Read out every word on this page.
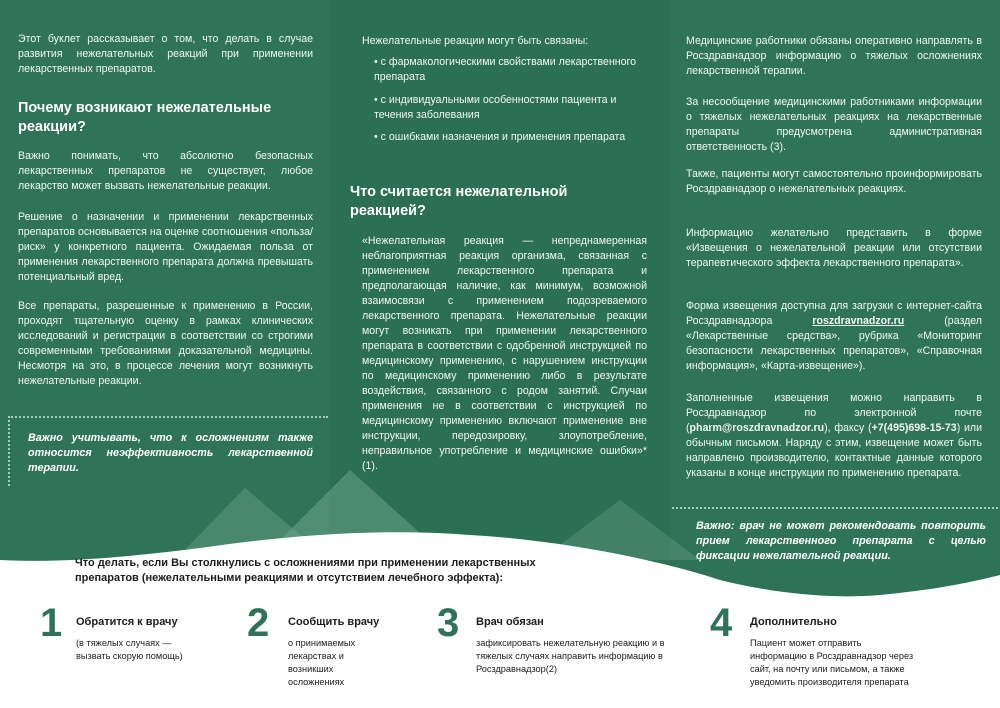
Этот буклет рассказывает о том, что делать в случае развития нежелательных реакций при применении лекарственных препаратов.
Почему возникают нежелательные реакции?
Важно понимать, что абсолютно безопасных лекарственных препаратов не существует, любое лекарство может вызвать нежелательные реакции.
Решение о назначении и применении лекарственных препаратов основывается на оценке соотношения «польза/риск» у конкретного пациента. Ожидаемая польза от применения лекарственного препарата должна превышать потенциальный вред.
Все препараты, разрешенные к применению в России, проходят тщательную оценку в рамках клинических исследований и регистрации в соответствии со строгими современными требованиями доказательной медицины. Несмотря на это, в процессе лечения могут возникнуть нежелательные реакции.
Важно учитывать, что к осложнениям также относится неэффективность лекарственной терапии.
Нежелательные реакции могут быть связаны:
• с фармакологическими свойствами лекарственного препарата
• с индивидуальными особенностями пациента и течения заболевания
• с ошибками назначения и применения препарата
Что считается нежелательной реакцией?
«Нежелательная реакция — непреднамеренная неблагоприятная реакция организма, связанная с применением лекарственного препарата и предполагающая наличие, как минимум, возможной взаимосвязи с применением подозреваемого лекарственного препарата. Нежелательные реакции могут возникать при применении лекарственного препарата в соответствии с одобренной инструкцией по медицинскому применению, с нарушением инструкции по медицинскому применению либо в результате воздействия, связанного с родом занятий. Случаи применения не в соответствии с инструкцией по медицинскому применению включают применение вне инструкции, передозировку, злоупотребление, неправильное употребление и медицинские ошибки»* (1).
Медицинские работники обязаны оперативно направлять в Росздравнадзор информацию о тяжелых осложнениях лекарственной терапии.
За несообщение медицинскими работниками информации о тяжелых нежелательных реакциях на лекарственные препараты предусмотрена административная ответственность (3).
Также, пациенты могут самостоятельно проинформировать Росздравнадзор о нежелательных реакциях.
Информацию желательно представить в форме «Извещения о нежелательной реакции или отсутствии терапевтического эффекта лекарственного препарата».
Форма извещения доступна для загрузки с интернет-сайта Росздравнадзора roszdravnadzor.ru (раздел «Лекарственные средства», рубрика «Мониторинг безопасности лекарственных препаратов», «Справочная информация», «Карта-извещение»).
Заполненные извещения можно направить в Росздравнадзор по электронной почте (pharm@roszdravnadzor.ru), факсу (+7(495)698-15-73) или обычным письмом. Наряду с этим, извещение может быть направлено производителю, контактные данные которого указаны в конце инструкции по применению препарата.
Важно: врач не может рекомендовать повторить прием лекарственного препарата с целью фиксации нежелательной реакции.
Что делать, если Вы столкнулись с осложнениями при применении лекарственных препаратов (нежелательными реакциями и отсутствием лечебного эффекта):
1 Обратится к врачу
(в тяжелых случаях — вызвать скорую помощь)
2 Сообщить врачу
о принимаемых лекарствах и возникших осложнениях
3 Врач обязан
зафиксировать нежелательную реакцию и в тяжелых случаях направить информацию в Росздравнадзор(2)
4 Дополнительно
Пациент может отправить информацию в Росздравнадзор через сайт, на почту или письмом, а также уведомить производителя препарата
